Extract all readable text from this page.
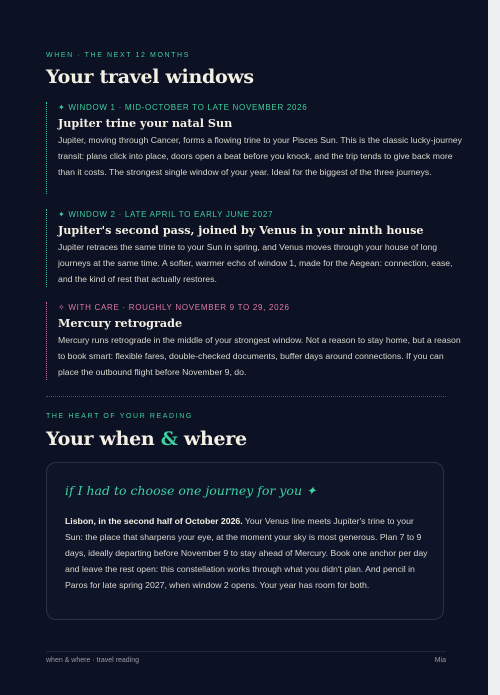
WHEN · THE NEXT 12 MONTHS
Your travel windows
✦ WINDOW 1 · MID-OCTOBER TO LATE NOVEMBER 2026
Jupiter trine your natal Sun
Jupiter, moving through Cancer, forms a flowing trine to your Pisces Sun. This is the classic lucky-journey transit: plans click into place, doors open a beat before you knock, and the trip tends to give back more than it costs. The strongest single window of your year. Ideal for the biggest of the three journeys.
✦ WINDOW 2 · LATE APRIL TO EARLY JUNE 2027
Jupiter's second pass, joined by Venus in your ninth house
Jupiter retraces the same trine to your Sun in spring, and Venus moves through your house of long journeys at the same time. A softer, warmer echo of window 1, made for the Aegean: connection, ease, and the kind of rest that actually restores.
✧ WITH CARE · ROUGHLY NOVEMBER 9 TO 29, 2026
Mercury retrograde
Mercury runs retrograde in the middle of your strongest window. Not a reason to stay home, but a reason to book smart: flexible fares, double-checked documents, buffer days around connections. If you can place the outbound flight before November 9, do.
THE HEART OF YOUR READING
Your when & where
if I had to choose one journey for you ✦
Lisbon, in the second half of October 2026. Your Venus line meets Jupiter's trine to your Sun: the place that sharpens your eye, at the moment your sky is most generous. Plan 7 to 9 days, ideally departing before November 9 to stay ahead of Mercury. Book one anchor per day and leave the rest open: this constellation works through what you didn't plan. And pencil in Paros for late spring 2027, when window 2 opens. Your year has room for both.
when & where · travel reading	Mia
